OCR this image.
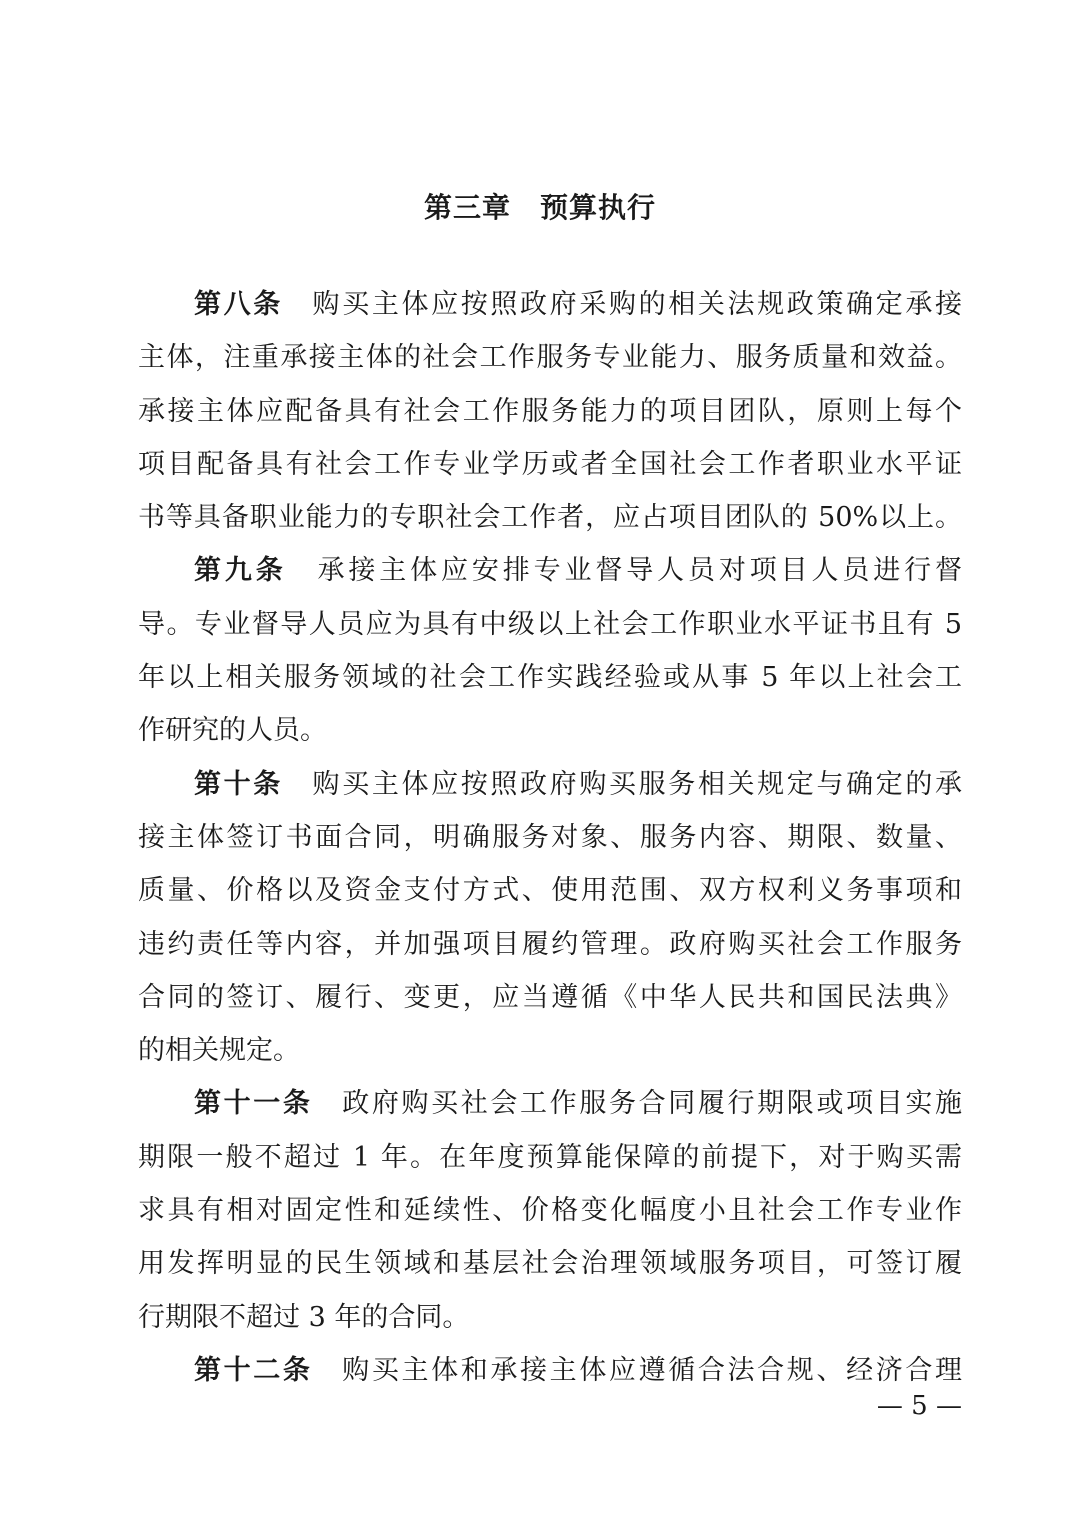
第三章　预算执行
第八条  购买主体应按照政府采购的相关法规政策确定承接
主体，注重承接主体的社会工作服务专业能力、服务质量和效益。
承接主体应配备具有社会工作服务能力的项目团队，原则上每个
项目配备具有社会工作专业学历或者全国社会工作者职业水平证
书等具备职业能力的专职社会工作者，应占项目团队的 50%以上。
第九条  承接主体应安排专业督导人员对项目人员进行督
导。专业督导人员应为具有中级以上社会工作职业水平证书且有 5
年以上相关服务领域的社会工作实践经验或从事 5 年以上社会工
作研究的人员。
第十条  购买主体应按照政府购买服务相关规定与确定的承
接主体签订书面合同，明确服务对象、服务内容、期限、数量、
质量、价格以及资金支付方式、使用范围、双方权利义务事项和
违约责任等内容，并加强项目履约管理。政府购买社会工作服务
合同的签订、履行、变更，应当遵循《中华人民共和国民法典》
的相关规定。
第十一条  政府购买社会工作服务合同履行期限或项目实施
期限一般不超过 1 年。在年度预算能保障的前提下，对于购买需
求具有相对固定性和延续性、价格变化幅度小且社会工作专业作
用发挥明显的民生领域和基层社会治理领域服务项目，可签订履
行期限不超过 3 年的合同。
第十二条  购买主体和承接主体应遵循合法合规、经济合理
— 5 —
